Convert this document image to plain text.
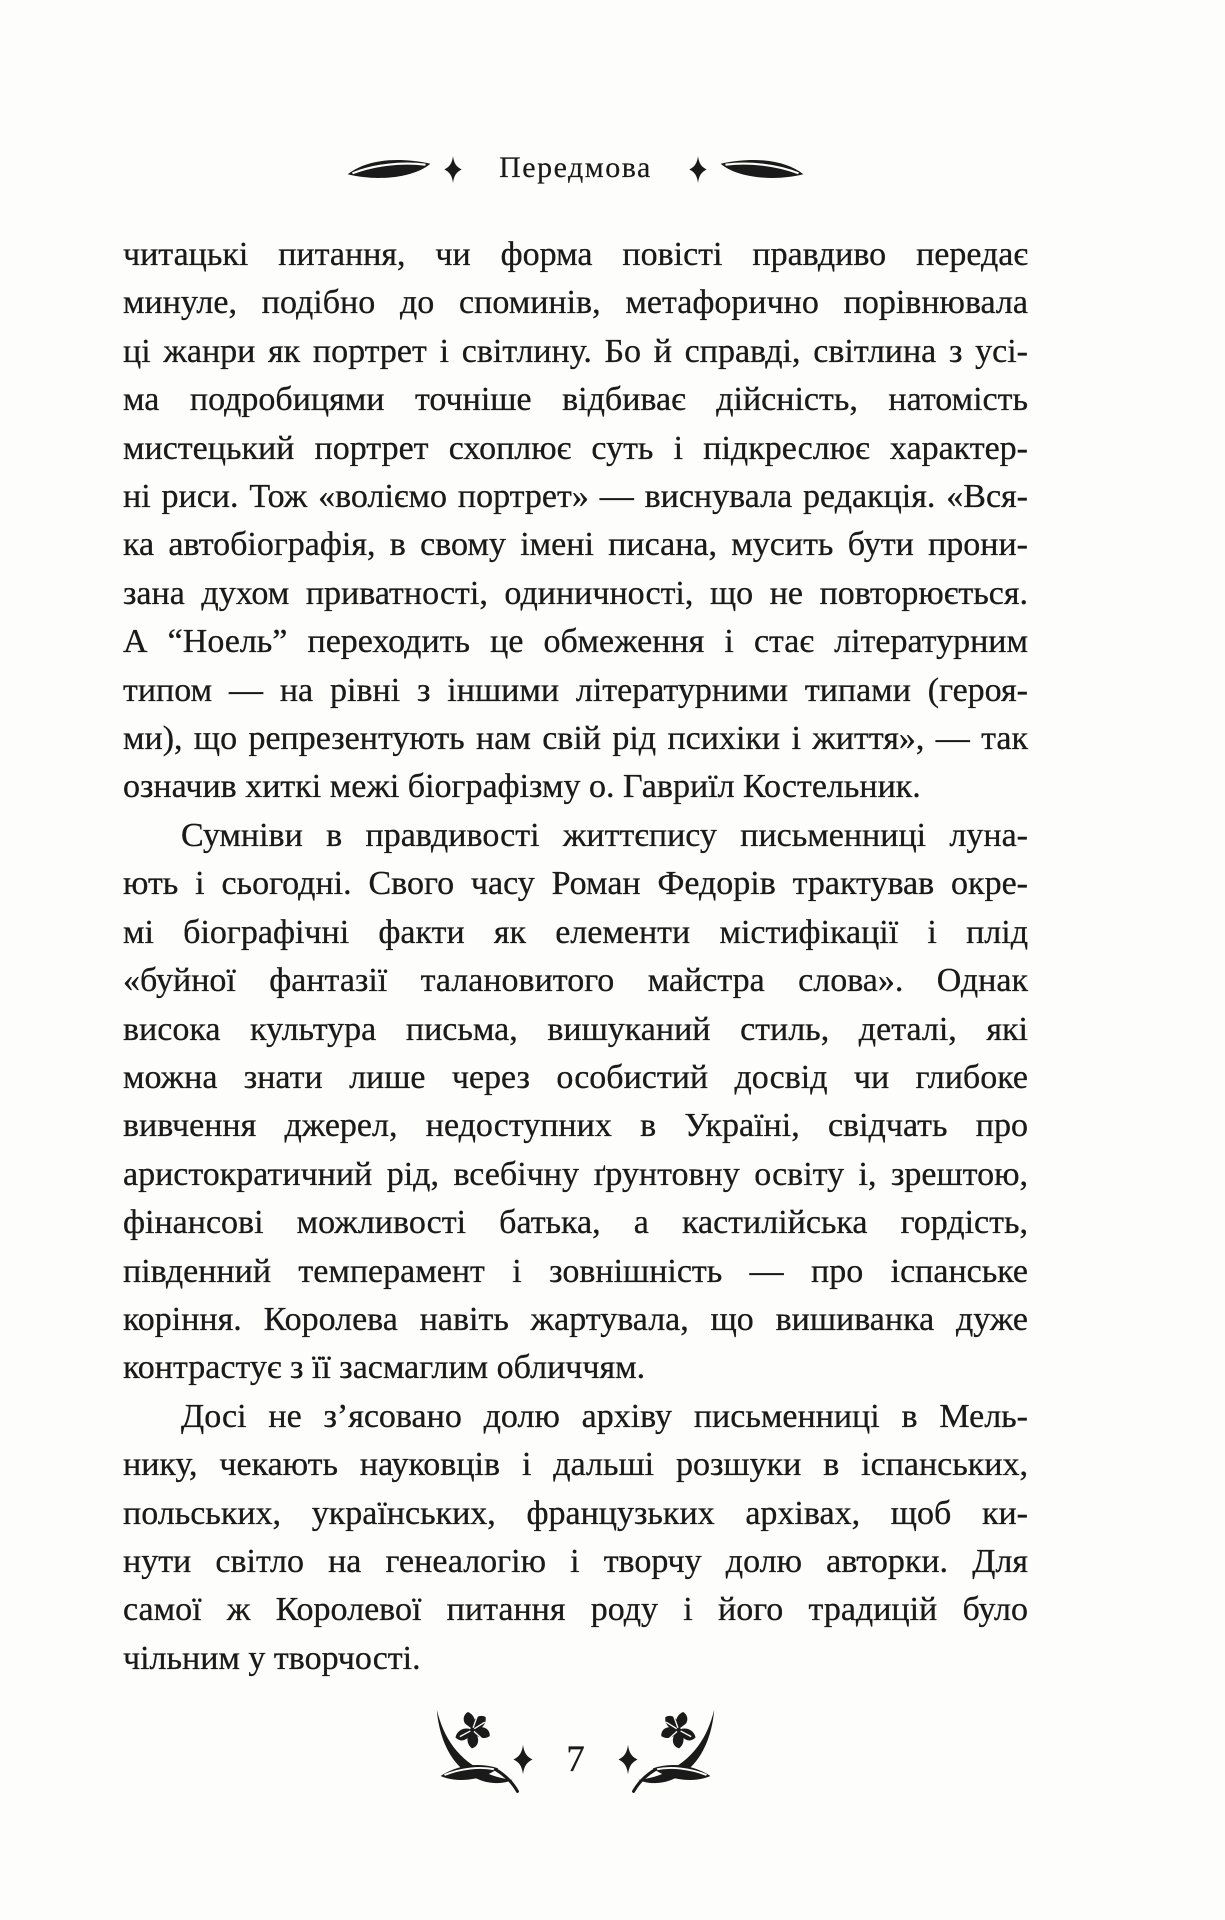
Передмова
читацькі питання, чи форма повісті правдиво передає
минуле, подібно до споминів, метафорично порівнювала
ці жанри як портрет і світлину. Бо й справді, світлина з усі-
ма подробицями точніше відбиває дійсність, натомість
мистецький портрет схоплює суть і підкреслює характер-
ні риси. Тож «воліємо портрет» — виснувала редакція. «Вся-
ка автобіографія, в свому імені писана, мусить бути прони-
зана духом приватності, одиничності, що не повторюється.
А “Ноель” переходить це обмеження і стає літературним
типом — на рівні з іншими літературними типами (героя-
ми), що репрезентують нам свій рід психіки і життя», — так
означив хиткі межі біографізму о. Гавриїл Костельник.
Сумніви в правдивості життєпису письменниці луна-
ють і сьогодні. Свого часу Роман Федорів трактував окре-
мі біографічні факти як елементи містифікації і плід
«буйної фантазії талановитого майстра слова». Однак
висока культура письма, вишуканий стиль, деталі, які
можна знати лише через особистий досвід чи глибоке
вивчення джерел, недоступних в Україні, свідчать про
аристократичний рід, всебічну ґрунтовну освіту і, зрештою,
фінансові можливості батька, а кастилійська гордість,
південний темперамент і зовнішність — про іспанське
коріння. Королева навіть жартувала, що вишиванка дуже
контрастує з її засмаглим обличчям.
Досі не з’ясовано долю архіву письменниці в Мель-
нику, чекають науковців і дальші розшуки в іспанських,
польських, українських, французьких архівах, щоб ки-
нути світло на генеалогію і творчу долю авторки. Для
самої ж Королевої питання роду і його традицій було
чільним у творчості.
7
